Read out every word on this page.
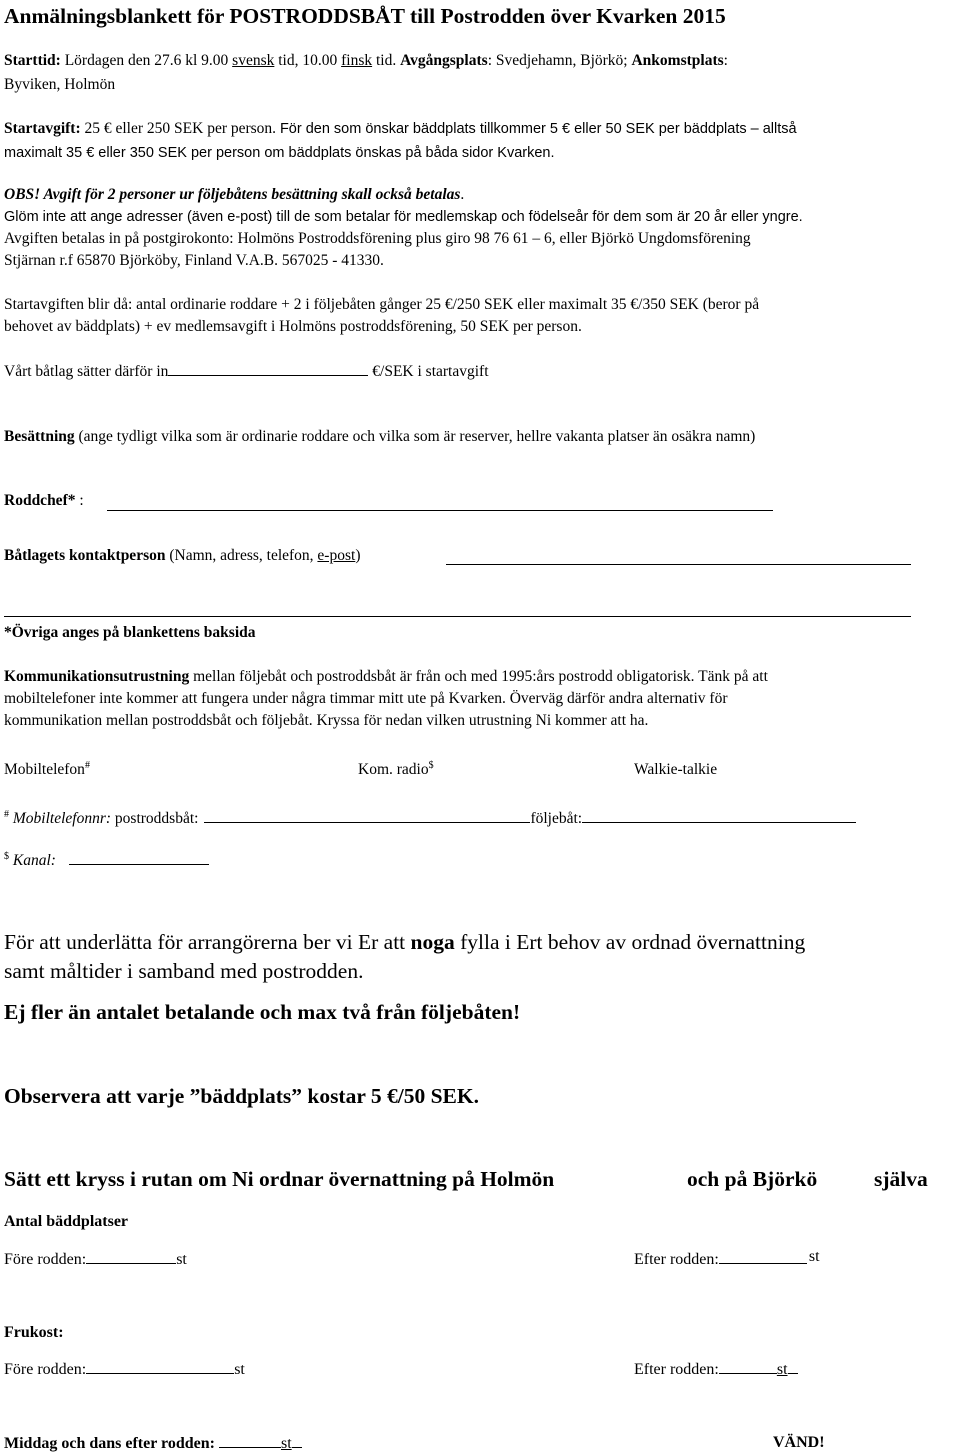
Anmälningsblankett för POSTRODDSBÅT till Postrodden över Kvarken 2015
Starttid: Lördagen den 27.6 kl 9.00 svensk tid, 10.00 finsk tid. Avgångsplats: Svedjehamn, Björkö; Ankomstplats:
Byviken, Holmön
Startavgift: 25 € eller 250 SEK per person. För den som önskar bäddplats tillkommer 5 € eller 50 SEK per bäddplats – alltså
maximalt 35 € eller 350 SEK per person om bäddplats önskas på båda sidor Kvarken.
OBS! Avgift för 2 personer ur följebåtens besättning skall också betalas.
Glöm inte att ange adresser (även e-post) till de som betalar för medlemskap och födelseår för dem som är 20 år eller yngre.
Avgiften betalas in på postgirokonto: Holmöns Postroddsförening plus giro 98 76 61 – 6, eller Björkö Ungdomsförening
Stjärnan r.f 65870 Björköby, Finland V.A.B. 567025 - 41330.
Startavgiften blir då: antal ordinarie roddare + 2 i följebåten gånger 25 €/250 SEK eller maximalt 35 €/350 SEK (beror på
behovet av bäddplats) + ev medlemsavgift i Holmöns postroddsförening, 50 SEK per person.
Vårt båtlag sätter därför in	€/SEK i startavgift
Besättning (ange tydligt vilka som är ordinarie roddare och vilka som är reserver, hellre vakanta platser än osäkra namn)
Roddchef* :
Båtlagets kontaktperson (Namn, adress, telefon, e-post)
*Övriga anges på blankettens baksida
Kommunikationsutrustning mellan följebåt och postroddsbåt är från och med 1995:års postrodd obligatorisk. Tänk på att
mobiltelefoner inte kommer att fungera under några timmar mitt ute på Kvarken. Överväg därför andra alternativ för
kommunikation mellan postroddsbåt och följebåt. Kryssa för nedan vilken utrustning Ni kommer att ha.
Mobiltelefon#	Kom. radio$	Walkie-talkie
# Mobiltelefonnr: postroddsbåt:	följebåt:
$ Kanal:
För att underlätta för arrangörerna ber vi Er att noga fylla i Ert behov av ordnad övernattning
samt måltider i samband med postrodden.
Ej fler än antalet betalande och max två från följebåten!
Observera att varje ”bäddplats” kostar 5 €/50 SEK.
Sätt ett kryss i rutan om Ni ordnar övernattning på Holmön	och på Björkö	själva
Antal bäddplatser
Före rodden:	st	Efter rodden:	st
Frukost:
Före rodden:	st	Efter rodden:	st
Middag och dans efter rodden:	st	VÄND!
